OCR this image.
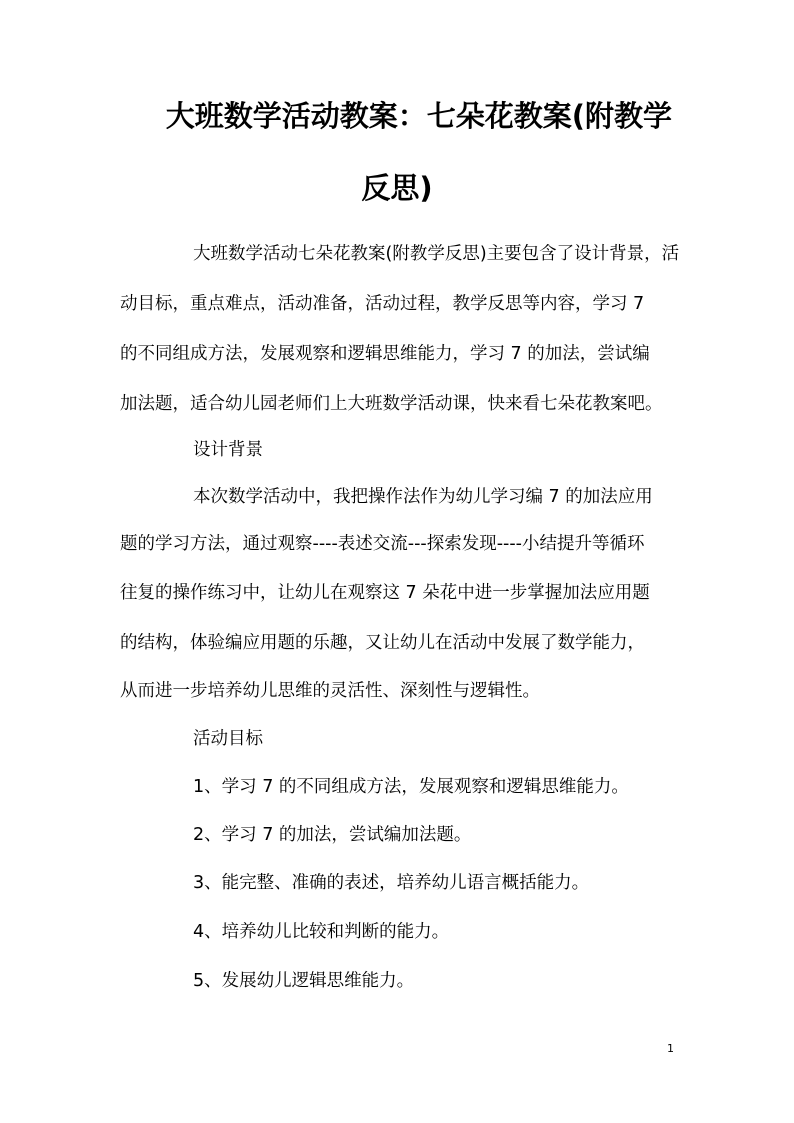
大班数学活动教案：七朵花教案(附教学
反思)

大班数学活动七朵花教案(附教学反思)主要包含了设计背景，活

动目标，重点难点，活动准备，活动过程，教学反思等内容，学习 7

的不同组成方法，发展观察和逻辑思维能力，学习 7 的加法，尝试编

加法题，适合幼儿园老师们上大班数学活动课，快来看七朵花教案吧。

设计背景

本次数学活动中，我把操作法作为幼儿学习编 7 的加法应用

题的学习方法，通过观察----表述交流---探索发现----小结提升等循环

往复的操作练习中，让幼儿在观察这 7 朵花中进一步掌握加法应用题

的结构，体验编应用题的乐趣，又让幼儿在活动中发展了数学能力，

从而进一步培养幼儿思维的灵活性、深刻性与逻辑性。

活动目标

1、学习 7 的不同组成方法，发展观察和逻辑思维能力。

2、学习 7 的加法，尝试编加法题。

3、能完整、准确的表述，培养幼儿语言概括能力。

4、培养幼儿比较和判断的能力。

5、发展幼儿逻辑思维能力。

1
